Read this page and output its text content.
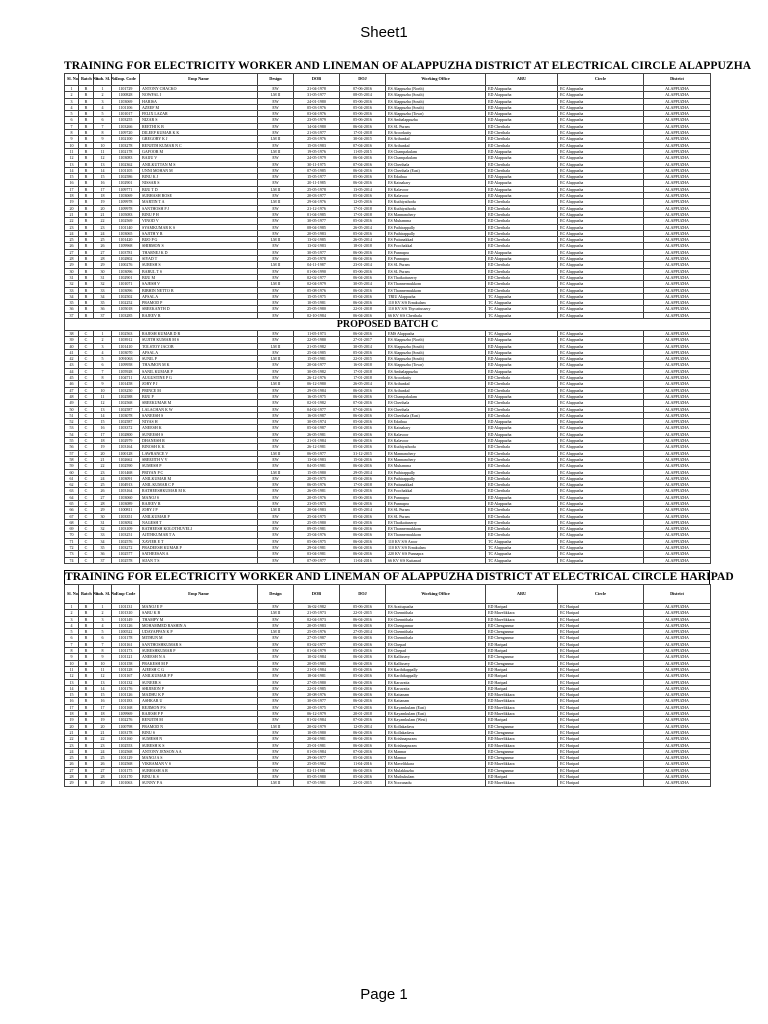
Sheet1
TRAINING FOR ELECTRICITY WORKER AND LINEMAN OF ALAPPUZHA DISTRICT AT ELECTRICAL CIRCLE ALAPPUZHA
Sl. No.	Batch No.	Sub. Sl. No.	Emp. Code	Emp Name	Design	DOB	DOJ	Working Office	ARU	Circle	District
1	B	1	1101729	ANTONY CHACKO	EW	21-04-1978	07-06-2016	ES Alappuzha (North)	ED Alappuzha	EC Alappuzha	ALAPPUZHA
2	B	2	1100828	NOWFAL I	LM II	31-05-1977	08-05-2014	ES Alappuzha (South)	ED Alappuzha	EC Alappuzha	ALAPPUZHA
3	B	3	1103069	HARISA	EW	24-01-1980	05-06-2016	ES Alappuzha (South)	ED Alappuzha	EC Alappuzha	ALAPPUZHA
4	B	4	1101106	AZEEF M	EW	05-03-1976	05-04-2016	ES Alappuzha (South)	ED Alappuzha	EC Alappuzha	ALAPPUZHA
5	B	5	1101017	FELIX LAZAR	EW	03-04-1976	05-06-2016	ES Alappuzha (Town)	ED Alappuzha	EC Alappuzha	ALAPPUZHA
6	B	6	1103255	NIZAR S	EW	23-05-1979	05-06-2016	ES Ambalappuzha	ED Alappuzha	EC Alappuzha	ALAPPUZHA
7	B	7	1103266	REETHI K B	EW	14-04-1980	06-04-2016	ES SL Puram	ED Cherthala	EC Alappuzha	ALAPPUZHA
8	B	8	1109720	DILEEP KUMAR K K	EW	21-03-1977	17-01-2018	ES Aroorkutty	ED Cherthala	EC Alappuzha	ALAPPUZHA
9	B	9	1102100	GREGORY K J	LM II	25-03-1976	30-04-2015	ES Arthunkal	ED Cherthala	EC Alappuzha	ALAPPUZHA
10	B	10	1103278	RENJITH KUMAR N C	EW	15-03-1983	07-04-2016	ES Arthunkal	ED Cherthala	EC Alappuzha	ALAPPUZHA
11	B	11	1102178	GAFOOR M	LM II	19-05-1976	11-05-2015	ES Champakulam	ED Alappuzha	EC Alappuzha	ALAPPUZHA
12	B	12	1103083	BAIJU V	EW	24-05-1979	06-04-2016	ES Champakulam	ED Alappuzha	EC Alappuzha	ALAPPUZHA
13	B	13	1102362	ANILKUTTAN M S	EW	30-11-1975	07-04-2016	ES Cherthala	ED Cherthala	EC Alappuzha	ALAPPUZHA
14	B	14	1101105	UNNI MOHAN M	EW	07-05-1985	06-04-2016	ES Cherthala (East)	ED Cherthala	EC Alappuzha	ALAPPUZHA
15	B	15	1102586	BINU K J	EW	15-05-1977	05-06-2016	ES Edathua	ED Alappuzha	EC Alappuzha	ALAPPUZHA
16	B	16	1102901	NISSAR S	EW	20-11-1985	06-04-2016	ES Kainakary	ED Alappuzha	EC Alappuzha	ALAPPUZHA
17	B	17	1109771	BIJU T D	LM II	25-05-1978	13-05-2014	ES Kalavoor	ED Alappuzha	EC Alappuzha	ALAPPUZHA
18	B	18	1103069	SUBHASH BOSE	EW	20-03-1977	05-04-2016	ES Kalavoor	ED Alappuzha	EC Alappuzha	ALAPPUZHA
19	B	19	1109978	MARTIN T A	LM II	29-04-1976	12-05-2016	ES Kuthiyathodu	ED Cherthala	EC Alappuzha	ALAPPUZHA
20	B	20	1109978	SANTHOSH P J	EW	21-12-1976	17-01-2018	ES Kuthiyathodu	ED Cherthala	EC Alappuzha	ALAPPUZHA
21	B	21	1105083	BINU P H	EW	01-04-1985	17-01-2018	ES Mannanchery	ED Cherthala	EC Alappuzha	ALAPPUZHA
22	B	22	1102569	VINOD V	EW	30-05-1977	05-04-2016	ES Muhamma	ED Cherthala	EC Alappuzha	ALAPPUZHA
23	B	23	1101140	SYAMKUMAR K S	EW	08-04-1985	26-05-2014	ES Pathirappally	ED Cherthala	EC Alappuzha	ALAPPUZHA
24	B	24	1103065	SAJITH Y R	EW	20-05-1983	05-04-2016	ES Pathirappally	ED Cherthala	EC Alappuzha	ALAPPUZHA
25	B	25	1101420	BIJO P G	LM II	13-02-1985	26-05-2014	ES Pattanakkad	ED Cherthala	EC Alappuzha	ALAPPUZHA
26	B	26	1109968	SHIBMON S	EW	13-02-1983	18-01-2018	ES Poochakkal	ED Cherthala	EC Alappuzha	ALAPPUZHA
27	B	27	1103781	THARNEJ K D	EW	30-05-1977	06-06-2016	ES Punnapra	ED Alappuzha	EC Alappuzha	ALAPPUZHA
28	B	28	1102802	SIYAD T	EW	25-05-1978	06-04-2016	ES Punnapra	ED Alappuzha	EC Alappuzha	ALAPPUZHA
29	B	29	1100276	SURESH S	LM II	04-11-1987	23-01-2014	ES SL Puram	ED Cherthala	EC Alappuzha	ALAPPUZHA
30	B	30	1103096	BABUL T S	EW	01-06-1990	05-06-2016	ES SL Puram	ED Cherthala	EC Alappuzha	ALAPPUZHA
31	B	31	1102901	BIJU M	EW	02-02-1977	06-04-2016	ES Thaikattuserry	ED Cherthala	EC Alappuzha	ALAPPUZHA
32	B	32	1101071	SAJESH V	LM II	02-04-1979	30-05-2014	ES Thannermukkom	ED Cherthala	EC Alappuzha	ALAPPUZHA
33	B	33	1103096	BIBHIN NETTO B	EW	05-08-1976	06-04-2016	ES Thannermukkom	ED Cherthala	EC Alappuzha	ALAPPUZHA
34	B	34	1102502	AFSAL A	EW	15-05-1975	05-04-2016	TRIU Alappuzha	TC Alappuzha	EC Alappuzha	ALAPPUZHA
35	B	35	1102252	PRAMOD P	EW	10-05-1981	06-04-2016	110 KV S/S Ernakulam	TC Alappuzha	EC Alappuzha	ALAPPUZHA
36	B	36	1105018	SREEKANTH D	EW	25-05-1980	22-01-2018	110 KV S/S Thycattussery	TC Alappuzha	EC Alappuzha	ALAPPUZHA
37	B	37	1103285	RAJEEV R	EW	02-10-1984	06-04-2016	66 KV S/S Cherthala	TC Alappuzha	EC Alappuzha	ALAPPUZHA
PROPOSED BATCH C											
38	C	1	1102563	RAJESH KUMAR D R	EW	11-05-1973	06-04-2016	EMS Alappuzha	TC Alappuzha	EC Alappuzha	ALAPPUZHA
39	C	2	1103912	SUJITH KUMAR M S	EW	22-05-1980	27-01-2017	ES Alappuzha (North)	ED Alappuzha	EC Alappuzha	ALAPPUZHA
40	C	3	1101410	TOLSTOY JACOB	LM II	21-05-1982	30-05-2014	ES Alappuzha (South)	ED Alappuzha	EC Alappuzha	ALAPPUZHA
41	C	4	1103070	AFSAL A	EW	25-04-1985	05-04-2016	ES Alappuzha (South)	ED Alappuzha	EC Alappuzha	ALAPPUZHA
42	C	5	1091063	SUNIL P	LM II	15-05-1981	22-01-2015	ES Alappuzha (South)	ED Alappuzha	EC Alappuzha	ALAPPUZHA
43	C	6	1109958	THAJMON M K	EW	20-04-1977	16-01-2018	ES Alappuzha (Town)	ED Alappuzha	EC Alappuzha	ALAPPUZHA
44	C	7	1105928	SANIL KUMAR P	EW	30-05-1982	17-01-2018	ES Ambalappuzha	ED Alappuzha	EC Alappuzha	ALAPPUZHA
45	C	8	1104711	AUGUSTINE P G	EW	26-12-1976	17-01-2018	ES Aroorkutty	ED Cherthala	EC Alappuzha	ALAPPUZHA
46	C	9	1101458	JOBY P J	LM II	06-12-1980	26-05-2014	ES Arthunkal	ED Cherthala	EC Alappuzha	ALAPPUZHA
47	C	10	1103250	PRINCE M	EW	29-03-1984	06-04-2016	ES Arthunkal	ED Cherthala	EC Alappuzha	ALAPPUZHA
48	C	11	1102588	BIJU P	EW	16-05-1975	06-04-2016	ES Champakulam	ED Alappuzha	EC Alappuzha	ALAPPUZHA
49	C	12	1102568	SREEKUMAR M	EW	02-01-1982	07-04-2016	ES Cherthala	ED Cherthala	EC Alappuzha	ALAPPUZHA
50	C	13	1102587	LALACHAN K W	EW	04-02-1977	07-04-2016	ES Cherthala	ED Cherthala	EC Alappuzha	ALAPPUZHA
51	C	14	1103078	SANEESH S	EW	16-03-1987	06-04-2016	ES Cherthala (East)	ED Cherthala	EC Alappuzha	ALAPPUZHA
52	C	15	1102587	NIYAS H	EW	30-05-1974	05-04-2016	ES Edathua	ED Alappuzha	EC Alappuzha	ALAPPUZHA
53	C	16	1103372	ANEESH K	EW	05-04-1987	05-04-2016	ES Kainakary	ED Alappuzha	EC Alappuzha	ALAPPUZHA
54	C	17	1102800	SUNEESH S	EW	26-05-1981	05-04-2016	ES Kalavoor	ED Alappuzha	EC Alappuzha	ALAPPUZHA
55	C	18	1102979	DHANESH R	EW	21-01-1984	06-04-2016	ES Kalavoor	ED Alappuzha	EC Alappuzha	ALAPPUZHA
56	C	19	1103164	BINOSH K K	EW	26-12-1981	05-04-2016	ES Kuthiyathodu	ED Cherthala	EC Alappuzha	ALAPPUZHA
57	C	20	1100128	LAWRANCE V	LM II	06-05-1977	31-12-2015	ES Mannanchery	ED Cherthala	EC Alappuzha	ALAPPUZHA
58	C	21	1102662	SREEJITH V V	EW	13-04-1983	15-04-2016	ES Mannanchery	ED Cherthala	EC Alappuzha	ALAPPUZHA
59	C	22	1102590	SUMESH P	EW	04-05-1981	06-04-2016	ES Muhamma	ED Cherthala	EC Alappuzha	ALAPPUZHA
60	C	23	1101468	PRIYAN P C	LM II	15-05-1980	29-05-2014	ES Pathirappally	ED Cherthala	EC Alappuzha	ALAPPUZHA
61	C	24	1103091	ANILKUMAR M	EW	20-05-1975	05-04-2016	ES Pathirappally	ED Cherthala	EC Alappuzha	ALAPPUZHA
62	C	25	1104913	ANIL KUMAR C P	EW	06-05-1976	17-01-2018	ES Pattanakkad	ED Cherthala	EC Alappuzha	ALAPPUZHA
63	C	26	1103164	RATHEESHKUMAR M K	EW	26-05-1981	05-04-2016	ES Poochakkal	ED Cherthala	EC Alappuzha	ALAPPUZHA
64	C	27	1103060	MANOJ S	EW	20-05-1976	05-06-2016	ES Punnapra	ED Alappuzha	EC Alappuzha	ALAPPUZHA
65	C	28	1103089	RAJEEV R	EW	23-05-1975	06-04-2016	ES Punnapra	ED Alappuzha	EC Alappuzha	ALAPPUZHA
66	C	29	1100811	JOBY J P	LM II	20-04-1983	05-05-2014	ES SL Puram	ED Cherthala	EC Alappuzha	ALAPPUZHA
67	C	30	1103351	ANILKUMAR P	EW	25-04-1975	05-04-2016	ES SL Puram	ED Cherthala	EC Alappuzha	ALAPPUZHA
68	C	31	1103092	NAGESH T	EW	25-05-1980	05-04-2016	ES Thaikattuserry	ED Cherthala	EC Alappuzha	ALAPPUZHA
69	C	32	1103109	RATHEESH KOLOTHUVELI	EW	09-05-1981	06-04-2016	ES Thannermukkom	ED Cherthala	EC Alappuzha	ALAPPUZHA
70	C	33	1103251	AJITHKUMAR T A	EW	25-04-1976	06-04-2016	ES Thannermukkom	ED Cherthala	EC Alappuzha	ALAPPUZHA
71	C	34	1102576	XAVIER E T	EW	05-06-1975	06-04-2016	110 KV S/S Aroor	TC Alappuzha	EC Alappuzha	ALAPPUZHA
72	C	35	1103272	PRADEESH KUMAR P	EW	29-04-1981	06-04-2016	110 KV S/S Ernakulam	TC Alappuzha	EC Alappuzha	ALAPPUZHA
73	C	36	1102577	SATHEESAN A	EW	03-04-1981	06-04-2016	220 KV S/S Punnapra	TC Alappuzha	EC Alappuzha	ALAPPUZHA
74	C	37	1102578	SIJAN T S	EW	07-09-1977	11-04-2016	66 KV S/S Kuttanad	TC Alappuzha	EC Alappuzha	ALAPPUZHA
TRAINING FOR ELECTRICITY WORKER AND LINEMAN OF ALAPPUZHA DISTRICT AT ELECTRICAL CIRCLE HARIPAD
Sl. No.	Batch No.	Sub. Sl. No.	Emp Code	Emp Name	Design	DOB	DOJ	Working Office	ARU	Circle	District
1	B	1	1101131	MANOJ E P	EW	16-02-1982	05-06-2016	ES Arattupuzha	ED Haripad	EC Haripad	ALAPPUZHA
2	B	2	1101310	SABU K B	LM II	21-05-1973	22-01-2015	ES Chennithala	ED Mavelikkara	EC Haripad	ALAPPUZHA
3	B	3	1101149	THAMPY M	EW	02-04-1973	06-04-2016	ES Chennithala	ED Mavelikkara	EC Haripad	ALAPPUZHA
4	B	4	1101126	MOHAMMED RASHIN A	EW	20-05-1983	06-04-2016	ES Chengannur	ED Chengannur	EC Haripad	ALAPPUZHA
5	B	5	1100522	UDAYAPPAN K P	LM II	25-05-1976	27-05-2014	ES Chennithala	ED Chengannur	EC Haripad	ALAPPUZHA
6	B	6	1101178	MITHUN M	EW	27-05-1987	06-04-2016	ES Chennithala	ED Chengannur	EC Haripad	ALAPPUZHA
7	B	7	1101161	SANTHOSHKUMAR S	EW	03-02-1977	05-04-2016	ES Chepad	ED Haripad	EC Haripad	ALAPPUZHA
8	B	8	1101173	SURESHKUMAR P	EW	01-04-1979	05-04-2016	ES Chepad	ED Haripad	EC Haripad	ALAPPUZHA
9	B	9	1101121	ANEESH N A	EW	10-02-1984	06-04-2016	ES Kallissery	ED Chengannur	EC Haripad	ALAPPUZHA
10	B	10	1101158	PRAKESH M P	EW	20-05-1985	06-04-2016	ES Kallissery	ED Chengannur	EC Haripad	ALAPPUZHA
11	B	11	1101128	AJEESH C G	EW	21-01-1984	05-04-2016	ES Karthikappally	ED Haripad	EC Haripad	ALAPPUZHA
12	B	12	1101167	ANILKUMAR P P	EW	18-04-1981	05-04-2016	ES Karthikappally	ED Haripad	EC Haripad	ALAPPUZHA
13	B	13	1101132	SUNEER S	EW	27-05-1980	06-04-2016	ES Karuvatta	ED Haripad	EC Haripad	ALAPPUZHA
14	B	14	1101176	SHIJIMON P	EW	22-01-1985	05-04-2016	ES Karuvatta	ED Haripad	EC Haripad	ALAPPUZHA
15	B	15	1101126	MADHU K P	EW	20-08-1976	06-04-2016	ES Kattanam	ED Mavelikkara	EC Haripad	ALAPPUZHA
16	B	16	1101183	ASHKAR U	EW	30-03-1977	06-04-2016	ES Kattanam	ED Mavelikkara	EC Haripad	ALAPPUZHA
17	B	17	1101168	REJIMON P S	EW	20-05-1975	07-04-2016	ES Kayamkulam (East)	ED Mavelikkara	EC Haripad	ALAPPUZHA
18	B	18	1109969	RAJESH P P	EW	06-12-1979	20-01-2018	ES Kayamkulam (East)	ED Mavelikkara	EC Haripad	ALAPPUZHA
19	B	19	1102276	RENJITH M	EW	01-02-1984	07-04-2016	ES Kayamkulam (West)	ED Haripad	EC Haripad	ALAPPUZHA
20	B	20	1100798	PRAMOD N	LM II	20-02-1979	12-05-2014	ES Kollakadavu	ED Chengannur	EC Haripad	ALAPPUZHA
21	B	21	1103178	BINU S	EW	10-05-1980	06-04-2016	ES Kollakadavu	ED Chengannur	EC Haripad	ALAPPUZHA
22	B	22	1101160	SUMESH N	EW	20-04-1981	06-04-2016	ES Krishnapuram	ED Mavelikkara	EC Haripad	ALAPPUZHA
23	B	23	1102553	SURESH K S	EW	25-01-1981	06-04-2016	ES Krishnapuram	ED Mavelikkara	EC Haripad	ALAPPUZHA
24	B	24	1102568	ANTONY JENSON A A	EW	01-03-1984	07-04-2016	ES Mannar	ED Chengannur	EC Haripad	ALAPPUZHA
25	B	25	1101129	MANOJ A S	EW	29-06-1977	05-04-2016	ES Mannar	ED Chengannur	EC Haripad	ALAPPUZHA
26	B	26	1102568	VIKRAMAN V S	EW	25-05-1982	11-04-2016	ES Mavelikkara	ED Mavelikkara	EC Haripad	ALAPPUZHA
27	B	27	1101175	SUBHASH A R	EW	02-11-1981	06-04-2016	ES Mulakkuzha	ED Chengannur	EC Haripad	ALAPPUZHA
28	B	28	1101170	BINU K S	EW	05-05-1980	05-04-2016	ES Muthukulam	ED Haripad	EC Haripad	ALAPPUZHA
29	B	29	1101063	SUNNY P A	LM II	07-05-1981	22-01-2015	ES Nooranadu	ED Mavelikkara	EC Haripad	ALAPPUZHA
Page 1
